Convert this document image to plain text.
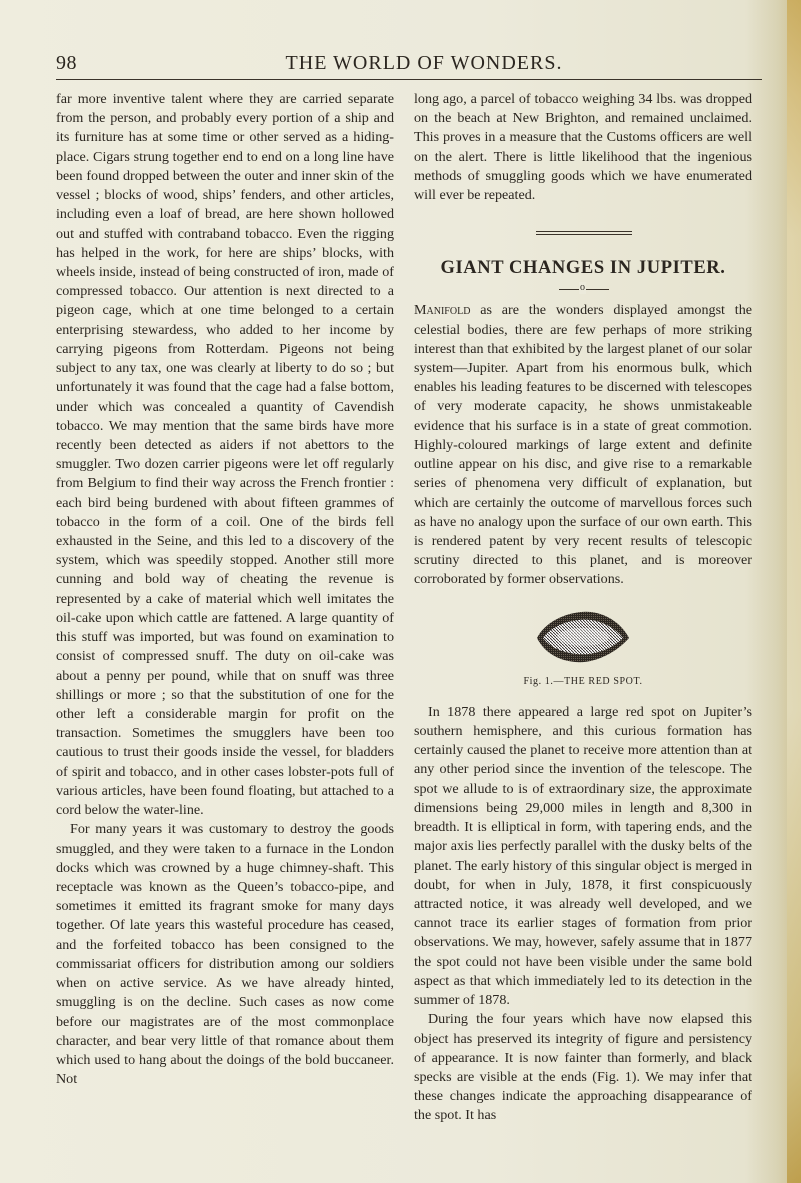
98	THE WORLD OF WONDERS.

far more inventive talent where they are carried separate from the person, and probably every portion of a ship and its furniture has at some time or other served as a hiding-place. Cigars strung together end to end on a long line have been found dropped between the outer and inner skin of the vessel ; blocks of wood, ships’ fenders, and other articles, including even a loaf of bread, are here shown hollowed out and stuffed with contraband tobacco. Even the rigging has helped in the work, for here are ships’ blocks, with wheels inside, instead of being constructed of iron, made of compressed tobacco. Our attention is next directed to a pigeon cage, which at one time belonged to a certain enterprising stewardess, who added to her income by carrying pigeons from Rotterdam. Pigeons not being subject to any tax, one was clearly at liberty to do so ; but unfortunately it was found that the cage had a false bottom, under which was concealed a quantity of Cavendish tobacco. We may mention that the same birds have more recently been detected as aiders if not abettors to the smuggler. Two dozen carrier pigeons were let off regularly from Belgium to find their way across the French frontier : each bird being burdened with about fifteen grammes of tobacco in the form of a coil. One of the birds fell exhausted in the Seine, and this led to a discovery of the system, which was speedily stopped. Another still more cunning and bold way of cheating the revenue is represented by a cake of material which well imitates the oil-cake upon which cattle are fattened. A large quantity of this stuff was imported, but was found on examination to consist of compressed snuff. The duty on oil-cake was about a penny per pound, while that on snuff was three shillings or more ; so that the substitution of one for the other left a considerable margin for profit on the transaction. Sometimes the smugglers have been too cautious to trust their goods inside the vessel, for bladders of spirit and tobacco, and in other cases lobster-pots full of various articles, have been found floating, but attached to a cord below the water-line.

For many years it was customary to destroy the goods smuggled, and they were taken to a furnace in the London docks which was crowned by a huge chimney-shaft. This receptacle was known as the Queen’s tobacco-pipe, and sometimes it emitted its fragrant smoke for many days together. Of late years this wasteful procedure has ceased, and the forfeited tobacco has been consigned to the commissariat officers for distribution among our soldiers when on active service. As we have already hinted, smuggling is on the decline. Such cases as now come before our magistrates are of the most commonplace character, and bear very little of that romance about them which used to hang about the doings of the bold buccaneer. Not

long ago, a parcel of tobacco weighing 34 lbs. was dropped on the beach at New Brighton, and remained unclaimed. This proves in a measure that the Customs officers are well on the alert. There is little likelihood that the ingenious methods of smuggling goods which we have enumerated will ever be repeated.

GIANT CHANGES IN JUPITER.
o

Manifold as are the wonders displayed amongst the celestial bodies, there are few perhaps of more striking interest than that exhibited by the largest planet of our solar system—Jupiter. Apart from his enormous bulk, which enables his leading features to be discerned with telescopes of very moderate capacity, he shows unmistakeable evidence that his surface is in a state of great commotion. Highly-coloured markings of large extent and definite outline appear on his disc, and give rise to a remarkable series of phenomena very difficult of explanation, but which are certainly the outcome of marvellous forces such as have no analogy upon the surface of our own earth. This is rendered patent by very recent results of telescopic scrutiny directed to this planet, and is moreover corroborated by former observations.

Fig. 1.—THE RED SPOT.

In 1878 there appeared a large red spot on Jupiter’s southern hemisphere, and this curious formation has certainly caused the planet to receive more attention than at any other period since the invention of the telescope. The spot we allude to is of extraordinary size, the approximate dimensions being 29,000 miles in length and 8,300 in breadth. It is elliptical in form, with tapering ends, and the major axis lies perfectly parallel with the dusky belts of the planet. The early history of this singular object is merged in doubt, for when in July, 1878, it first conspicuously attracted notice, it was already well developed, and we cannot trace its earlier stages of formation from prior observations. We may, however, safely assume that in 1877 the spot could not have been visible under the same bold aspect as that which immediately led to its detection in the summer of 1878.

During the four years which have now elapsed this object has preserved its integrity of figure and persistency of appearance. It is now fainter than formerly, and black specks are visible at the ends (Fig. 1). We may infer that these changes indicate the approaching disappearance of the spot. It has
